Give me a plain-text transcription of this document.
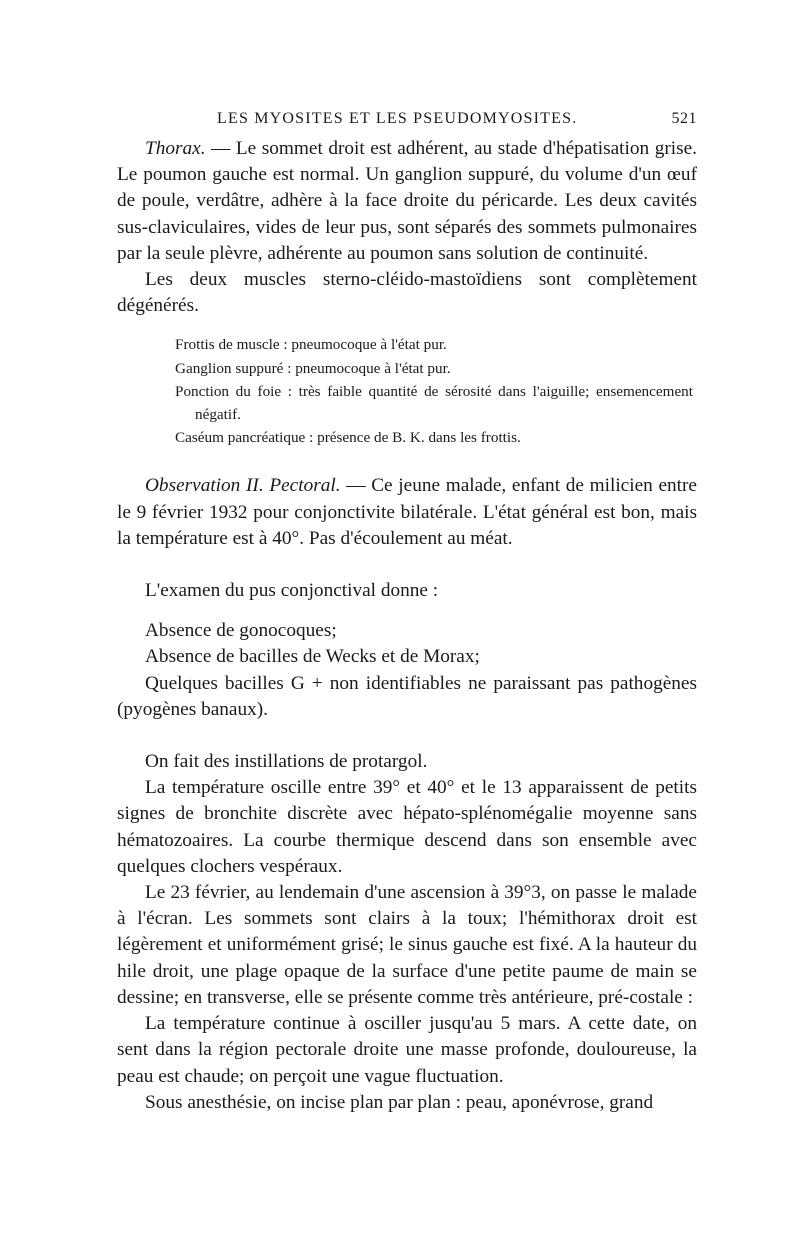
LES MYOSITES ET LES PSEUDOMYOSITES.	521

Thorax. — Le sommet droit est adhérent, au stade d'hépatisation grise. Le poumon gauche est normal. Un ganglion suppuré, du volume d'un œuf de poule, verdâtre, adhère à la face droite du péricarde. Les deux cavités sus-claviculaires, vides de leur pus, sont séparés des sommets pulmonaires par la seule plèvre, adhérente au poumon sans solution de continuité.

Les deux muscles sterno-cléido-mastoïdiens sont complètement dégénérés.

Frottis de muscle : pneumocoque à l'état pur.

Ganglion suppuré : pneumocoque à l'état pur.

Ponction du foie : très faible quantité de sérosité dans l'aiguille; ensemencement négatif.

Caséum pancréatique : présence de B. K. dans les frottis.

Observation II. Pectoral. — Ce jeune malade, enfant de milicien entre le 9 février 1932 pour conjonctivite bilatérale. L'état général est bon, mais la température est à 40°. Pas d'écoulement au méat.

L'examen du pus conjonctival donne :

Absence de gonocoques;

Absence de bacilles de Wecks et de Morax;

Quelques bacilles G + non identifiables ne paraissant pas pathogènes (pyogènes banaux).

On fait des instillations de protargol.

La température oscille entre 39° et 40° et le 13 apparaissent de petits signes de bronchite discrète avec hépato-splénomégalie moyenne sans hématozoaires. La courbe thermique descend dans son ensemble avec quelques clochers vespéraux.

Le 23 février, au lendemain d'une ascension à 39°3, on passe le malade à l'écran. Les sommets sont clairs à la toux; l'hémithorax droit est légèrement et uniformément grisé; le sinus gauche est fixé. A la hauteur du hile droit, une plage opaque de la surface d'une petite paume de main se dessine; en transverse, elle se présente comme très antérieure, pré-costale :

La température continue à osciller jusqu'au 5 mars. A cette date, on sent dans la région pectorale droite une masse profonde, douloureuse, la peau est chaude; on perçoit une vague fluctuation.

Sous anesthésie, on incise plan par plan : peau, aponévrose, grand
